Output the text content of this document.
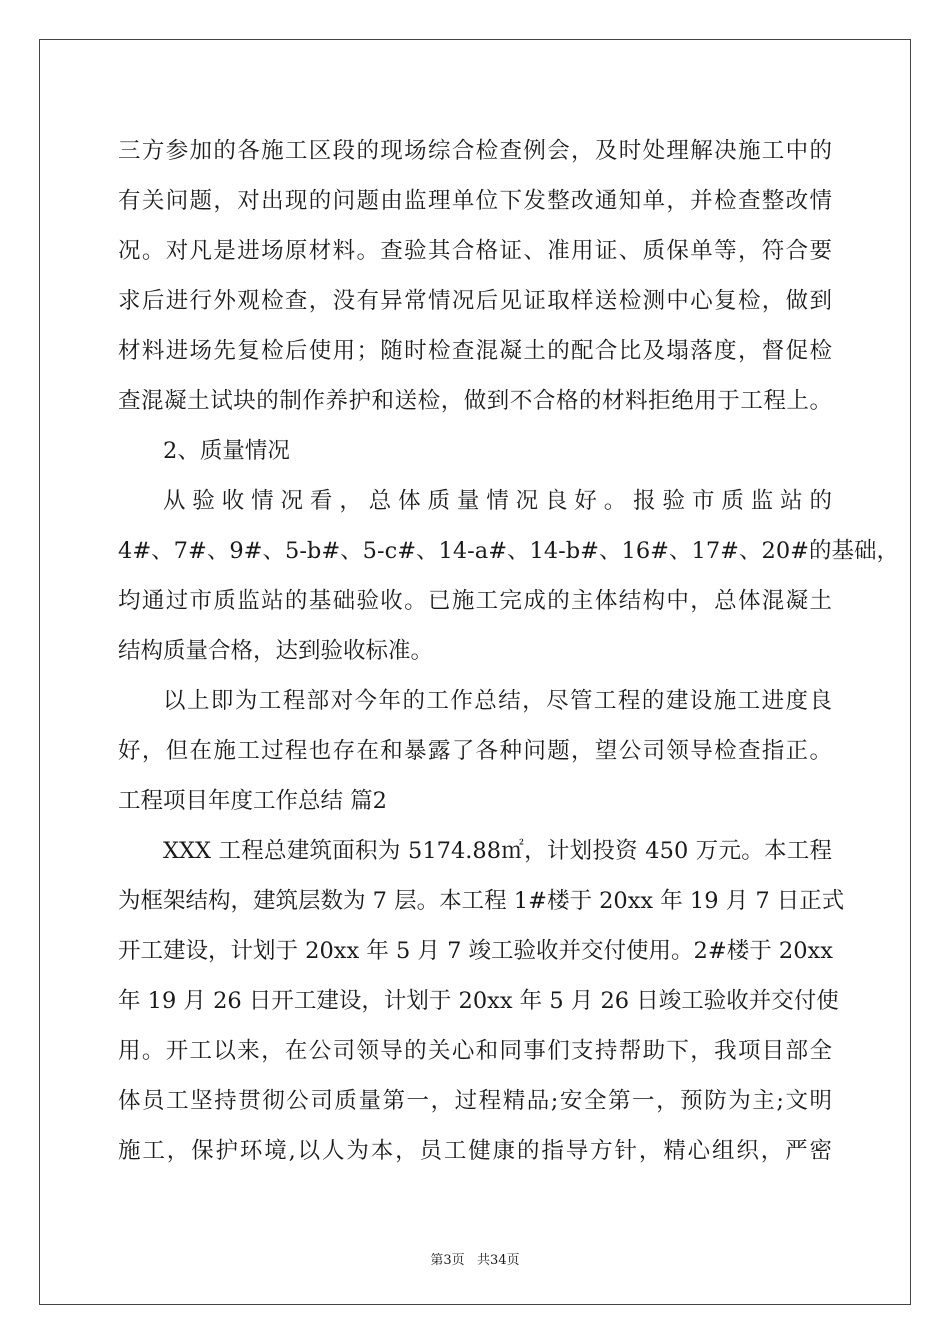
三方参加的各施工区段的现场综合检查例会，及时处理解决施工中的
有关问题，对出现的问题由监理单位下发整改通知单，并检查整改情
况。对凡是进场原材料。查验其合格证、准用证、质保单等，符合要
求后进行外观检查，没有异常情况后见证取样送检测中心复检，做到
材料进场先复检后使用；随时检查混凝土的配合比及塌落度，督促检
查混凝土试块的制作养护和送检，做到不合格的材料拒绝用于工程上。
2、质量情况
从验收情况看，总体质量情况良好。报验市质监站的
4#、7#、9#、5-b#、5-c#、14-a#、14-b#、16#、17#、20#的基础，
均通过市质监站的基础验收。已施工完成的主体结构中，总体混凝土
结构质量合格，达到验收标准。
以上即为工程部对今年的工作总结，尽管工程的建设施工进度良
好，但在施工过程也存在和暴露了各种问题，望公司领导检查指正。
工程项目年度工作总结 篇2
XXX 工程总建筑面积为 5174.88㎡，计划投资 450 万元。本工程
为框架结构，建筑层数为 7 层。本工程 1#楼于 20xx 年 19 月 7 日正式
开工建设，计划于 20xx 年 5 月 7 竣工验收并交付使用。2#楼于 20xx
年 19 月 26 日开工建设，计划于 20xx 年 5 月 26 日竣工验收并交付使
用。开工以来，在公司领导的关心和同事们支持帮助下，我项目部全
体员工坚持贯彻公司质量第一，过程精品;安全第一，预防为主;文明
施工，保护环境,以人为本，员工健康的指导方针，精心组织，严密
第3页   共34页
